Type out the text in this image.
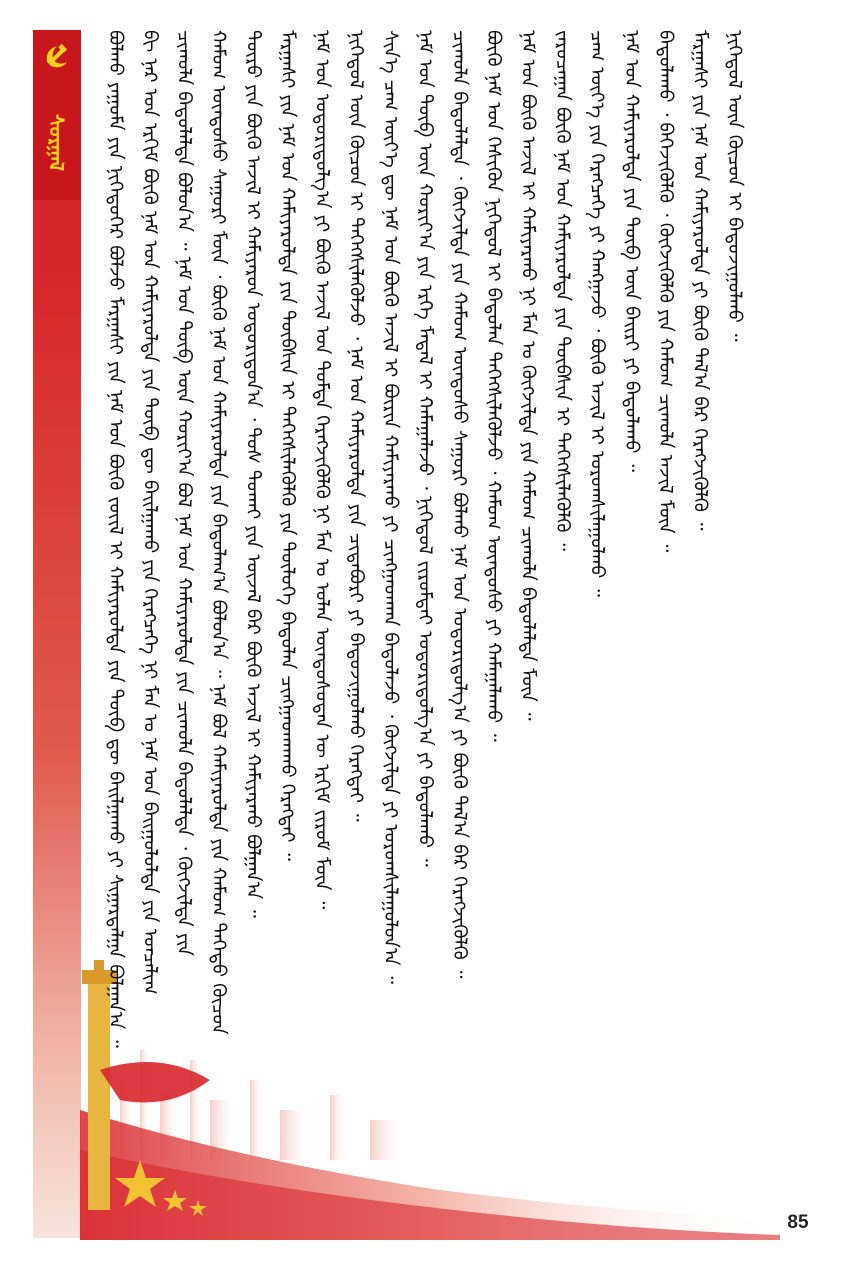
ᠰᠤᠷᠭᠠᠯ	ᠪᠤᠯᠬᠤ ᠶᠠᠭᠤᠮᠠ ᠶᠢᠨ ᠨᠢᠭᠡᠳᠦᠭᠡᠷ ᠪᠣᠯᠵᠤ ᠮᠠᠷᠭᠠᠰᠢ ᠶᠢᠨ ᠨᠠᠮ ᠤᠨ ᠪᠦᠬᠦ ᠵᠦᠢᠯ ᠢ ᠬᠠᠮᠢᠶᠠᠷᠤᠯᠲᠠ ᠶᠢᠨ ᠲᠥᠪ ᠳᠥ ᠪᠠᠢᠯᠭᠠᠬᠤ ᠶᠢ ᠰᠢᠭᠠᠷᠳᠠᠯᠭᠠ ᠪᠣᠯᠭᠠᠨ᠎ᠠ ᠃ ᠪᠢ ᠨᠠᠷ ᠤᠨ ᠡᠷᠬᠢᠮ ᠪᠦᠬᠦ ᠨᠠᠮ ᠤᠨ ᠬᠠᠮᠢᠶᠠᠷᠤᠯᠲᠠ ᠶᠢᠨ ᠲᠥᠪ ᠳᠥ ᠪᠠᠢᠯᠭᠠᠬᠤ ᠶᠢᠨ ᠬᠡᠷᠡᠭᠴᠡᠭᠡ ᠨᠢ ᠮᠠᠨ ᠤ ᠨᠠᠮ ᠤᠨ ᠪᠠᠢᠭᠤᠯᠤᠯᠲᠠ ᠶᠢᠨ ᠣᠨᠴᠠᠯᠢᠭ ᠴᠢᠬᠤᠯᠠ ᠪᠠᠲᠤᠯᠠᠯᠲᠠ ᠪᠣᠯᠤᠨ᠎ᠠ ᠃ ᠨᠠᠮ ᠤᠨ ᠲᠥᠪ ᠦᠨ ᠬᠣᠷᠢᠶ᠎ᠠ ᠪᠣᠯ ᠨᠠᠮ ᠤᠨ ᠬᠠᠮᠢᠶᠠᠷᠤᠯᠲᠠ ᠶᠢᠨ ᠴᠢᠬᠤᠯᠠ ᠪᠠᠲᠤᠯᠠᠯᠲᠠ ᠂ ᠬᠥᠭᠵᠢᠯᠲᠡ ᠶᠢᠨ ᠬᠠᠮᠤᠭ ᠦᠨᠳᠦᠰᠦ ᠰᠠᠭᠤᠷᠢ ᠮᠥᠨ ᠂ ᠪᠦᠬᠦ ᠨᠠᠮ ᠤᠨ ᠬᠠᠮᠢᠶᠠᠷᠤᠯᠲᠠ ᠶᠢᠨ ᠪᠠᠲᠤᠯᠠᠭ᠎ᠠ ᠪᠣᠯᠤᠨ᠎ᠠ ᠃ ᠨᠠᠮ ᠪᠣᠯ ᠬᠠᠮᠢᠶᠠᠷᠤᠯᠲᠠ ᠶᠢᠨ ᠬᠠᠮᠤᠭ ᠳᠡᠭᠡᠳᠦ ᠬᠦᠴᠦᠨ ᠲᠥᠷᠥ ᠶᠢᠨ ᠪᠦᠬᠦ ᠠᠵᠢᠯ ᠢ ᠬᠠᠮᠢᠶᠠᠷᠤᠨ ᠤᠳᠤᠷᠢᠳᠤᠨ᠎ᠠ ᠂ ᠲᠤᠰ ᠲᠣᠬᠠᠢ ᠶᠢᠨ ᠦᠵᠡᠯ ᠪᠠᠷ ᠪᠦᠬᠦ ᠠᠵᠢᠯ ᠢ ᠬᠠᠮᠢᠶᠠᠷᠬᠤ ᠪᠣᠯᠭᠠᠨ᠎ᠠ ᠃ ᠮᠠᠷᠭᠠᠰᠢ ᠶᠢᠨ ᠨᠠᠮ ᠤᠨ ᠬᠠᠮᠢᠶᠠᠷᠤᠯᠲᠠ ᠶᠢᠨ ᠲᠦᠪᠰᠢᠨ ᠢ ᠳᠡᠭᠡᠭᠰᠢᠯᠡᠭᠦᠯᠬᠦ ᠶᠢᠨ ᠲᠥᠯᠥᠭᠡ ᠪᠠᠲᠤᠯᠠᠨ ᠴᠢᠩᠭᠠᠳᠬᠠᠬᠤ ᠬᠡᠷᠡᠭᠲᠡᠢ ᠃ ᠨᠠᠮ ᠤᠨ ᠤᠳᠤᠷᠢᠳᠤᠯᠭ᠎ᠠ ᠶᠢ ᠪᠦᠬᠦ ᠠᠵᠢᠯ ᠤᠨ ᠳᠤᠮᠳᠠ ᠬᠡᠷᠡᠭᠵᠢᠭᠦᠯᠬᠦ ᠨᠢ ᠮᠠᠨ ᠤ ᠣᠯᠠᠨ ᠦᠨᠳᠦᠰᠦᠲᠡᠨ ᠦ ᠡᠷᠬᠢᠮ ᠵᠢᠷᠤᠮ ᠮᠥᠨ ᠃ ᠨᠢᠭᠡᠳᠦᠯ ᠦᠨ ᠬᠦᠴᠦᠨ ᠢ ᠳᠡᠭᠡᠭᠰᠢᠯᠡᠭᠦᠯᠵᠦ ᠂ ᠨᠠᠮ ᠤᠨ ᠬᠠᠮᠢᠶᠠᠷᠤᠯᠲᠠ ᠶᠢᠨ ᠴᠢᠳᠠᠪᠤᠷᠢ ᠶᠢ ᠪᠠᠲᠤᠵᠢᠭᠤᠯᠬᠤ ᠬᠡᠷᠡᠭᠲᠡᠢ ᠃ ᠰᠢᠨ᠎ᠡ ᠴᠠᠭ ᠦᠶ᠎ᠡ ᠳᠦ ᠨᠠᠮ ᠤᠨ ᠪᠦᠬᠦ ᠠᠵᠢᠯ ᠢ ᠪᠦᠷᠢᠨ ᠬᠠᠮᠢᠶᠠᠷᠬᠤ ᠶᠢ ᠴᠢᠩᠭᠠᠳᠬᠠᠨ ᠪᠠᠲᠤᠯᠠᠵᠤ ᠂ ᠬᠥᠭᠵᠢᠯᠲᠡ ᠶᠢ ᠤᠷᠤᠭᠰᠢᠯᠠᠭᠤᠯᠤᠨ᠎ᠠ ᠃ ᠨᠠᠮ ᠤᠨ ᠲᠥᠪ ᠦᠨ ᠬᠣᠷᠢᠶ᠎ᠠ ᠶᠢᠨ ᠡᠷᠬᠡ ᠮᠡᠳᠡᠯ ᠢ ᠬᠠᠮᠠᠭᠠᠯᠠᠵᠤ ᠂ ᠨᠢᠭᠡᠳᠦᠯ ᠵᠢᠷᠤᠮᠲᠠᠢ ᠤᠳᠤᠷᠢᠳᠤᠯᠭ᠎ᠠ ᠶᠢ ᠪᠠᠲᠤᠯᠠᠬᠤ ᠃ ᠴᠢᠬᠤᠯᠠ ᠪᠠᠲᠤᠯᠠᠯᠲᠠ ᠂ ᠬᠥᠭᠵᠢᠯᠲᠡ ᠶᠢᠨ ᠬᠠᠮᠤᠭ ᠦᠨᠳᠦᠰᠦ ᠰᠠᠭᠤᠷᠢ ᠪᠣᠯᠬᠤ ᠨᠠᠮ ᠤᠨ ᠤᠳᠤᠷᠢᠳᠤᠯᠭ᠎ᠠ ᠶᠢ ᠪᠦᠬᠦ ᠲᠠᠯ᠎ᠠ ᠪᠠᠷ ᠬᠡᠷᠡᠭᠵᠢᠭᠦᠯᠬᠦ ᠃ ᠪᠦᠬᠦ ᠨᠠᠮ ᠤᠨ ᠭᠡᠰᠢᠭᠦᠨ ᠨᠢᠭᠡᠳᠦᠯ ᠢ ᠪᠠᠲᠤᠯᠠᠨ ᠳᠡᠭᠡᠭᠰᠢᠯᠡᠭᠦᠯᠵᠦ ᠂ ᠬᠠᠮᠤᠭ ᠦᠨᠳᠦᠰᠦ ᠶᠢ ᠬᠠᠮᠠᠭᠠᠯᠠᠬᠤ ᠃ ᠨᠠᠮ ᠤᠨ ᠪᠦᠬᠦ ᠠᠵᠢᠯ ᠢ ᠬᠠᠮᠢᠶᠠᠷᠬᠤ ᠨᠢ ᠮᠠᠨ ᠤ ᠬᠥᠭᠵᠢᠯᠲᠡ ᠶᠢᠨ ᠬᠠᠮᠤᠭ ᠴᠢᠬᠤᠯᠠ ᠪᠠᠲᠤᠯᠠᠯᠲᠠ ᠮᠥᠨ ᠃ ᠵᠠᠷᠤᠴᠠᠭᠠᠨ ᠪᠦᠬᠦ ᠨᠠᠮ ᠤᠨ ᠬᠠᠮᠢᠶᠠᠷᠤᠯᠲᠠ ᠶᠢᠨ ᠲᠦᠪᠰᠢᠨ ᠢ ᠳᠡᠭᠡᠭᠰᠢᠯᠡᠭᠦᠯᠬᠦ ᠃ ᠴᠠᠭ ᠦᠶ᠎ᠡ ᠶᠢᠨ ᠬᠡᠷᠡᠭᠴᠡᠭᠡ ᠶᠢ ᠬᠠᠩᠭᠠᠵᠤ ᠂ ᠪᠦᠬᠦ ᠠᠵᠢᠯ ᠢ ᠤᠷᠤᠭᠰᠢᠯᠠᠭᠤᠯᠬᠤ ᠃ ᠨᠠᠮ ᠤᠨ ᠬᠠᠮᠢᠶᠠᠷᠤᠯᠲᠠ ᠶᠢᠨ ᠲᠥᠪ ᠦᠨ ᠪᠠᠢᠷᠢ ᠶᠢ ᠪᠠᠲᠤᠯᠠᠬᠤ ᠃ ᠪᠠᠲᠤᠯᠠᠬᠤ ᠂ ᠪᠡᠬᠡᠵᠢᠭᠦᠯᠬᠦ ᠂ ᠬᠥᠭᠵᠢᠭᠦᠯᠬᠦ ᠶᠢᠨ ᠬᠠᠮᠤᠭ ᠴᠢᠬᠤᠯᠠ ᠠᠵᠢᠯ ᠮᠥᠨ ᠃ ᠮᠠᠷᠭᠠᠰᠢ ᠶᠢᠨ ᠨᠠᠮ ᠤᠨ ᠬᠠᠮᠢᠶᠠᠷᠤᠯᠲᠠ ᠶᠢ ᠪᠦᠬᠦ ᠲᠠᠯ᠎ᠠ ᠪᠠᠷ ᠬᠡᠷᠡᠭᠵᠢᠭᠦᠯᠬᠦ ᠃ ᠨᠢᠭᠡᠳᠦᠯ ᠦᠨ ᠬᠦᠴᠦᠨ ᠢ ᠪᠠᠲᠤᠵᠢᠭᠤᠯᠬᠤ ᠃
85
